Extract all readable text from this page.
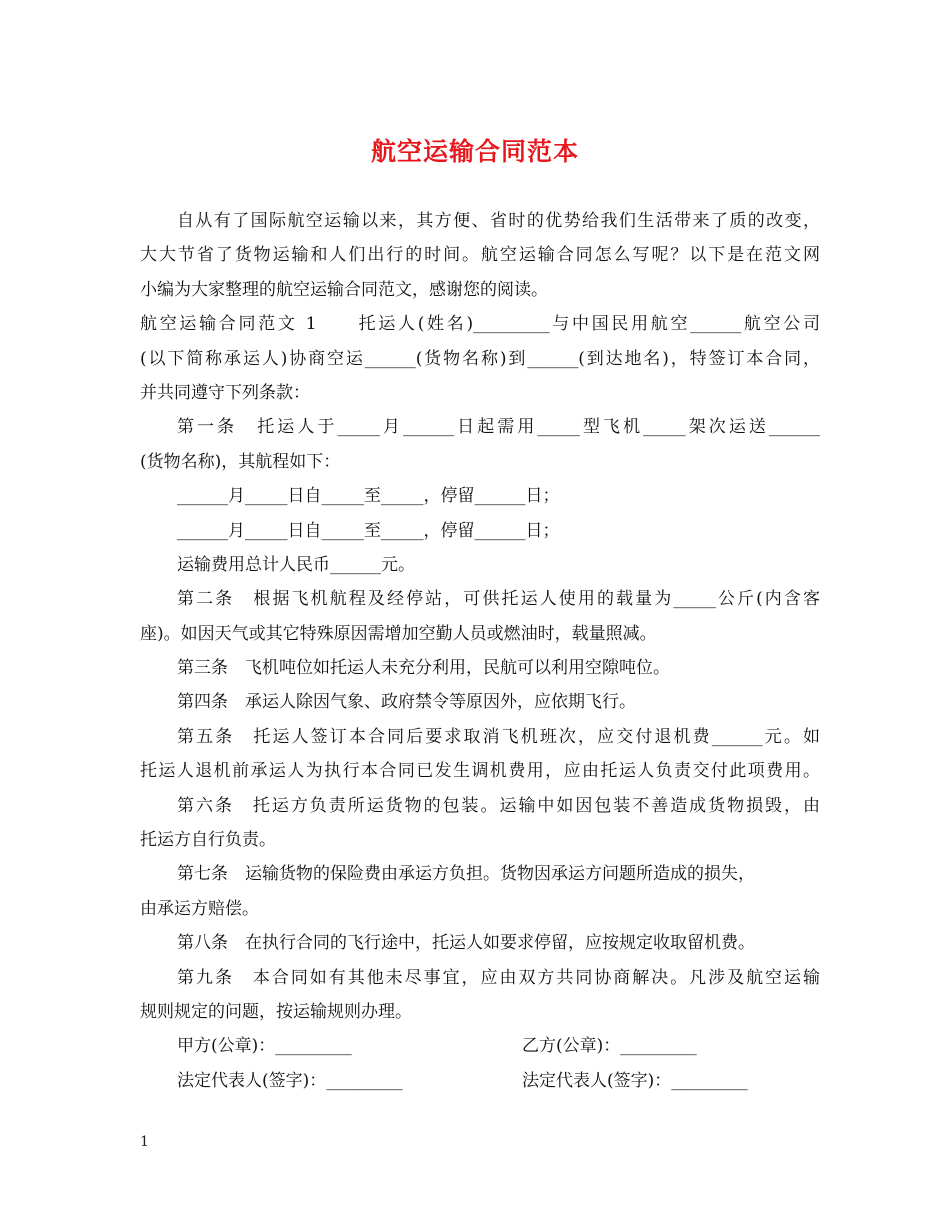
航空运输合同范本
自从有了国际航空运输以来，其方便、省时的优势给我们生活带来了质的改变，
大大节省了货物运输和人们出行的时间。航空运输合同怎么写呢？以下是在范文网
小编为大家整理的航空运输合同范文，感谢您的阅读。
航空运输合同范文 1　　托运人(姓名)_________与中国民用航空______航空公司
(以下简称承运人)协商空运______(货物名称)到______(到达地名)，特签订本合同，
并共同遵守下列条款：
第一条　托运人于_____月______日起需用_____型飞机_____架次运送______
(货物名称)，其航程如下：
______月_____日自_____至_____，停留______日；
______月_____日自_____至_____，停留______日；
运输费用总计人民币______元。
第二条　根据飞机航程及经停站，可供托运人使用的载量为_____公斤(内含客
座)。如因天气或其它特殊原因需增加空勤人员或燃油时，载量照减。
第三条　飞机吨位如托运人未充分利用，民航可以利用空隙吨位。
第四条　承运人除因气象、政府禁令等原因外，应依期飞行。
第五条　托运人签订本合同后要求取消飞机班次，应交付退机费______元。如
托运人退机前承运人为执行本合同已发生调机费用，应由托运人负责交付此项费用。
第六条　托运方负责所运货物的包装。运输中如因包装不善造成货物损毁，由
托运方自行负责。
第七条　运输货物的保险费由承运方负担。货物因承运方问题所造成的损失，
由承运方赔偿。
第八条　在执行合同的飞行途中，托运人如要求停留，应按规定收取留机费。
第九条　本合同如有其他未尽事宜，应由双方共同协商解决。凡涉及航空运输
规则规定的问题，按运输规则办理。
甲方(公章)：_________	乙方(公章)：_________
法定代表人(签字)：_________	法定代表人(签字)：_________
1
